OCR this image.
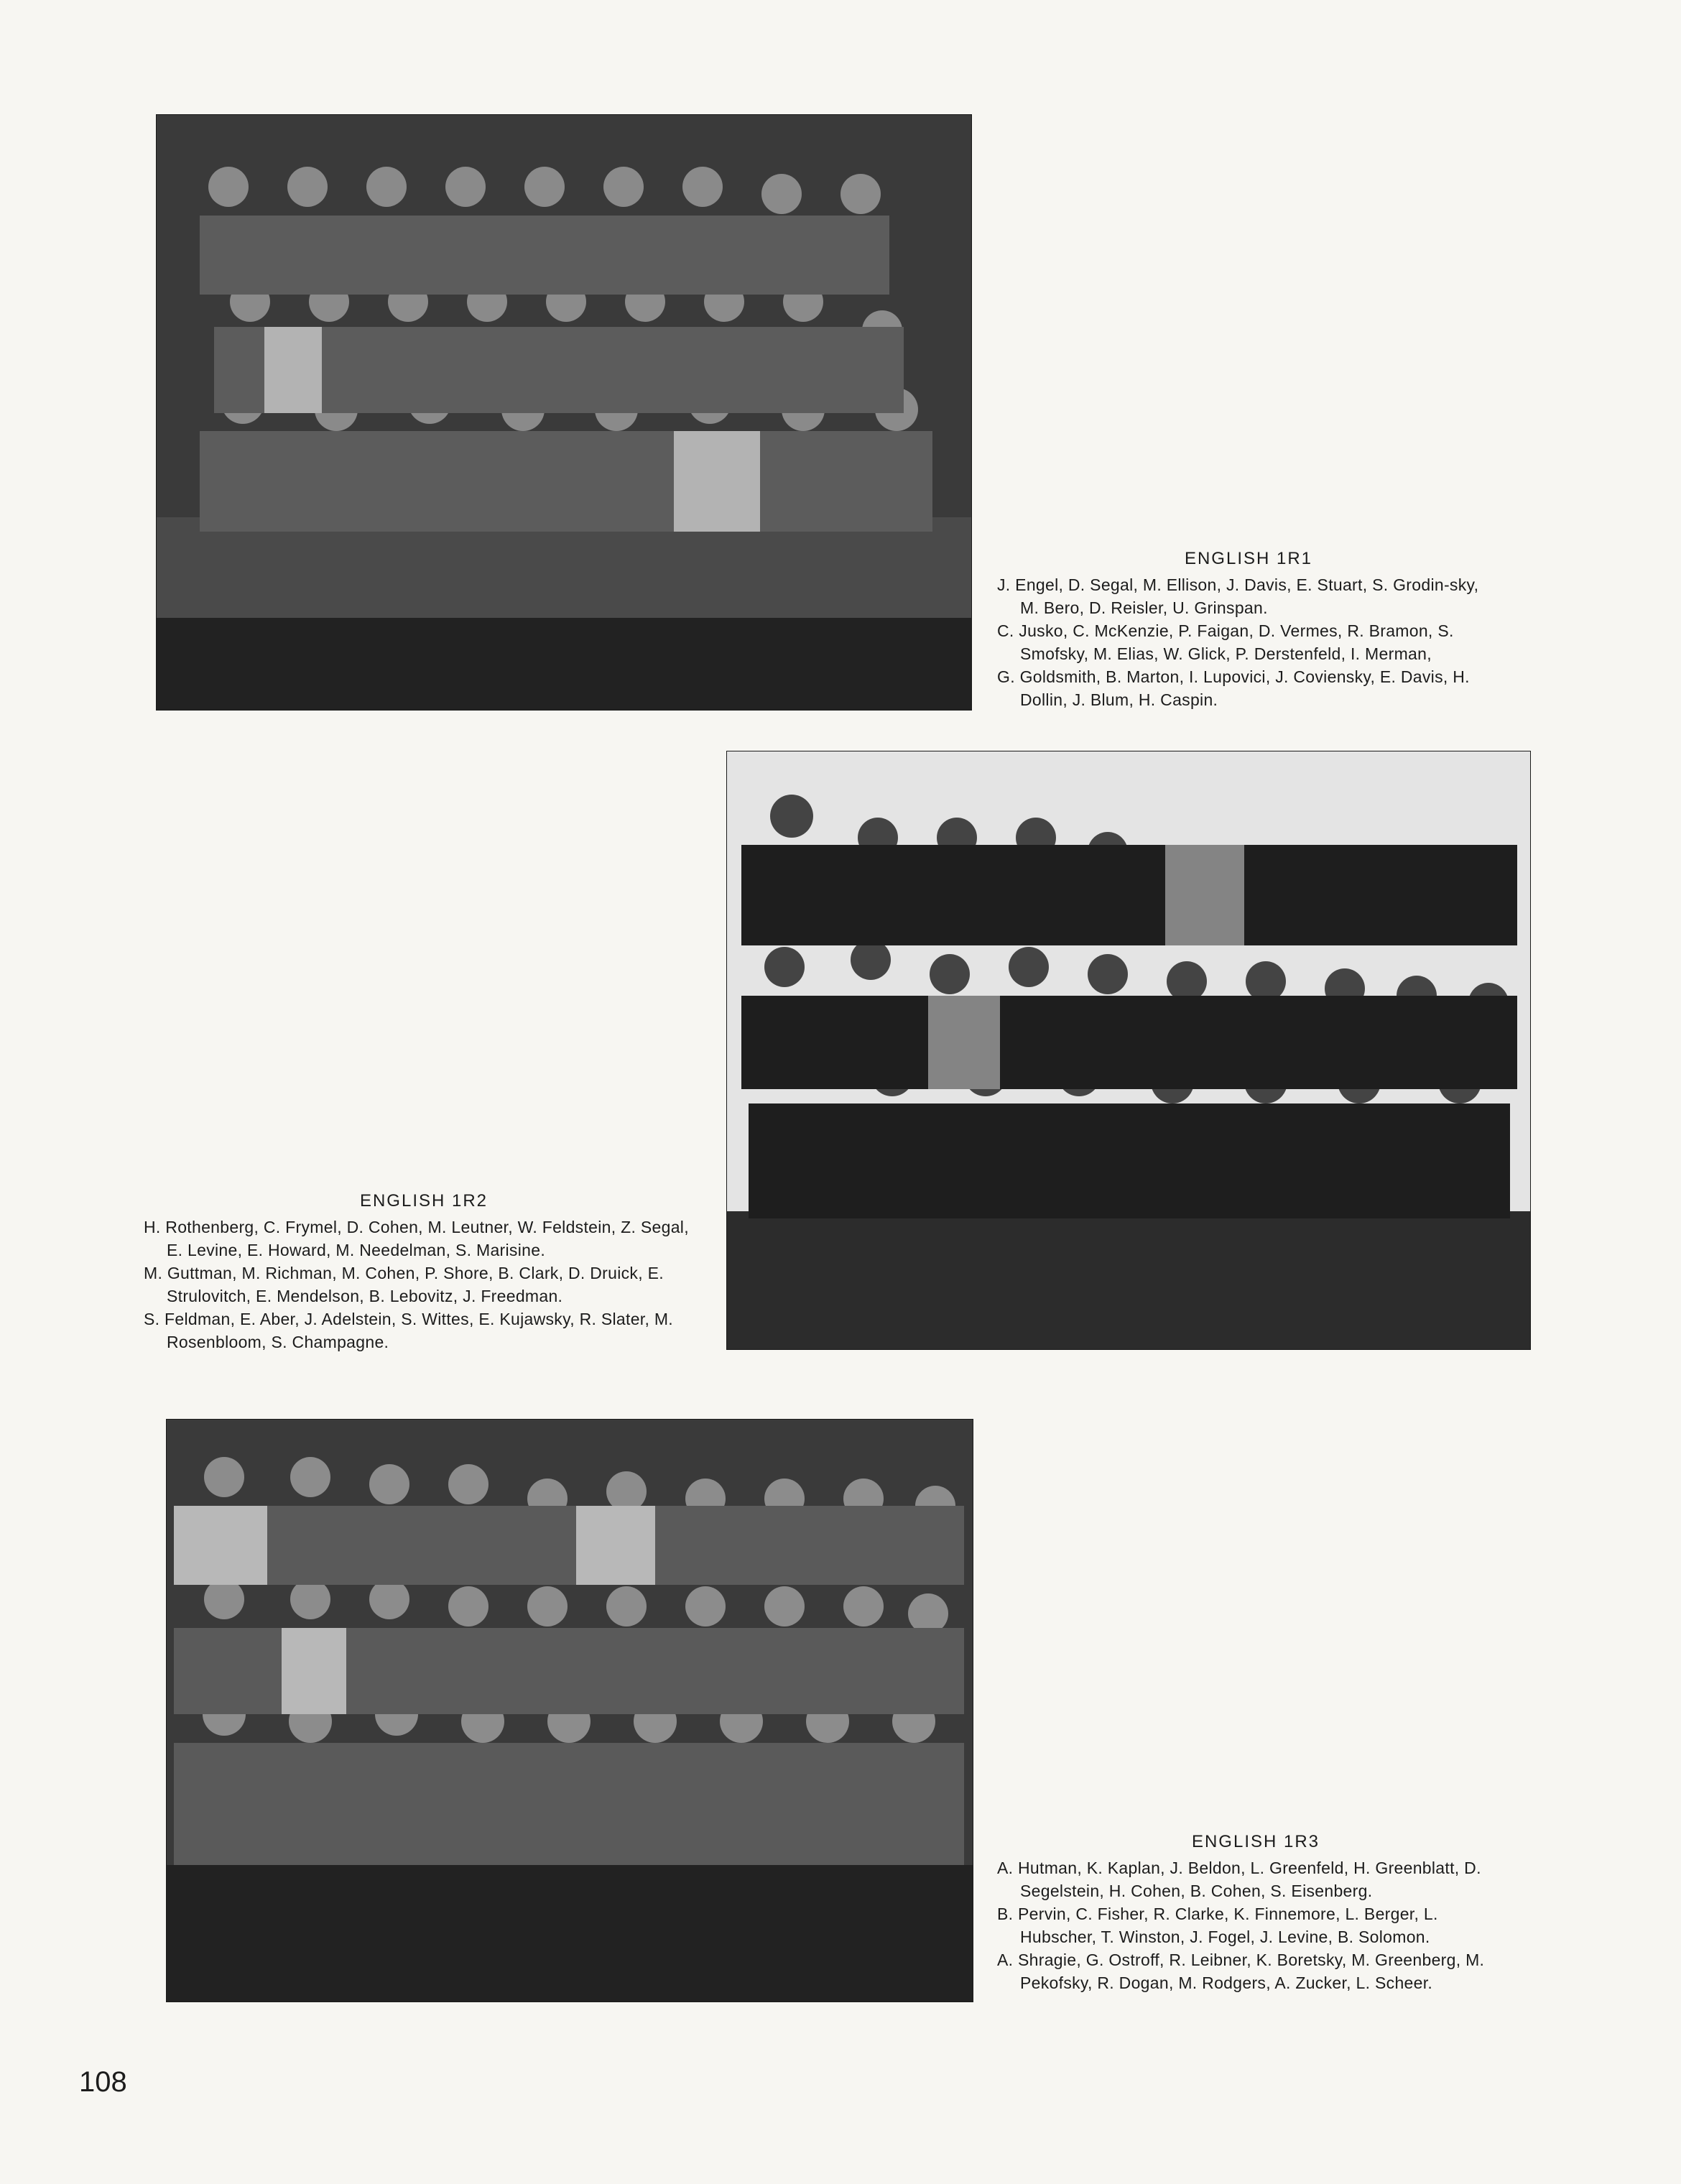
ENGLISH 1R1
J. Engel, D. Segal, M. Ellison, J. Davis, E. Stuart, S. Grodin-sky, M. Bero, D. Reisler, U. Grinspan.
C. Jusko, C. McKenzie, P. Faigan, D. Vermes, R. Bramon, S. Smofsky, M. Elias, W. Glick, P. Derstenfeld, I. Merman,
G. Goldsmith, B. Marton, I. Lupovici, J. Coviensky, E. Davis, H. Dollin, J. Blum, H. Caspin.
ENGLISH 1R2
H. Rothenberg, C. Frymel, D. Cohen, M. Leutner, W. Feldstein, Z. Segal, E. Levine, E. Howard, M. Needelman, S. Marisine.
M. Guttman, M. Richman, M. Cohen, P. Shore, B. Clark, D. Druick, E. Strulovitch, E. Mendelson, B. Lebovitz, J. Freedman.
S. Feldman, E. Aber, J. Adelstein, S. Wittes, E. Kujawsky, R. Slater, M. Rosenbloom, S. Champagne.
ENGLISH 1R3
A. Hutman, K. Kaplan, J. Beldon, L. Greenfeld, H. Greenblatt, D. Segelstein, H. Cohen, B. Cohen, S. Eisenberg.
B. Pervin, C. Fisher, R. Clarke, K. Finnemore, L. Berger, L. Hubscher, T. Winston, J. Fogel, J. Levine, B. Solomon.
A. Shragie, G. Ostroff, R. Leibner, K. Boretsky, M. Greenberg, M. Pekofsky, R. Dogan, M. Rodgers, A. Zucker, L. Scheer.
108
